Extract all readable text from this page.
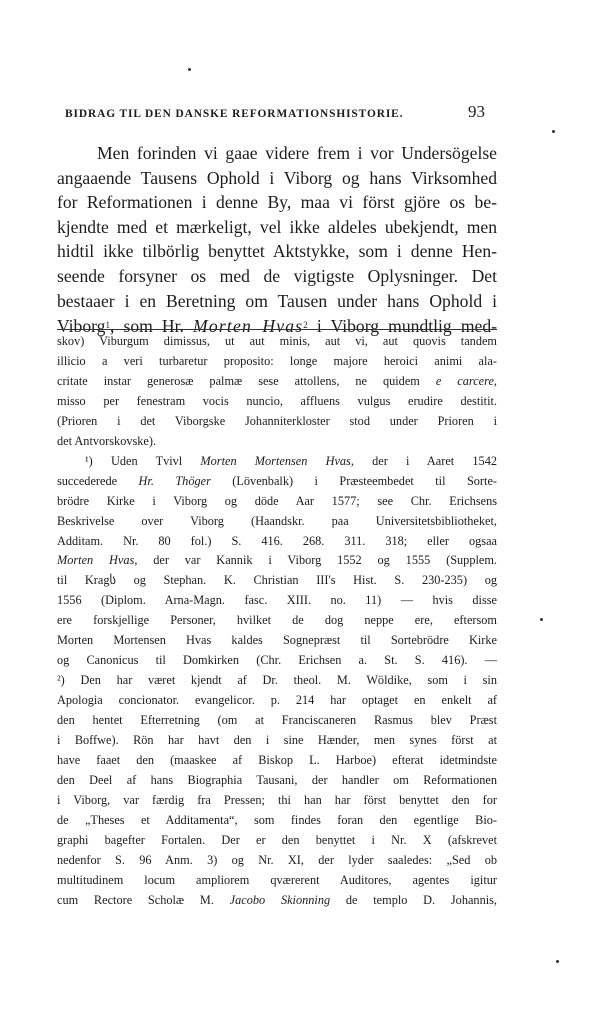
BIDRAG TIL DEN DANSKE REFORMATIONSHISTORIE.	93

Men forinden vi gaae videre frem i vor Undersögelse
angaaende Tausens Ophold i Viborg og hans Virksomhed
for Reformationen i denne By, maa vi först gjöre os be-
kjendte med et mærkeligt, vel ikke aldeles ubekjendt, men
hidtil ikke tilbörlig benyttet Aktstykke, som i denne Hen-
seende forsyner os med de vigtigste Oplysninger. Det
bestaaer i en Beretning om Tausen under hans Ophold i
Viborg$^1$, som Hr. Morten Hvas$^2$ i Viborg mundtlig med-

skov) Viburgum dimissus, ut aut minis, aut vi, aut quovis tandem
illicio a veri turbaretur proposito: longe majore heroici animi ala-
critate instar generosæ palmæ sese attollens, ne quidem e carcere,
misso per fenestram vocis nuncio, affluens vulgus erudire destitit.
(Prioren i det Viborgske Johanniterkloster stod under Prioren i
det Antvorskovske).
¹) Uden Tvivl Morten Mortensen Hvas, der i Aaret 1542
succederede Hr. Thöger (Lövenbalk) i Præsteembedet til Sorte-
brödre Kirke i Viborg og döde Aar 1577; see Chr. Erichsens
Beskrivelse over Viborg (Haandskr. paa Universitetsbibliotheket,
Additam. Nr. 80 fol.) S. 416. 268. 311. 318; eller ogsaa
Morten Hvas, der var Kannik i Viborg 1552 og 1555 (Supplem.
til Kragს og Stephan. K. Christian III's Hist. S. 230-235) og
1556 (Diplom. Arna-Magn. fasc. XIII. no. 11) — hvis disse
ere forskjellige Personer, hvilket de dog neppe ere, eftersom
Morten Mortensen Hvas kaldes Sognepræst til Sortebrödre Kirke
og Canonicus til Domkirken (Chr. Erichsen a. St. S. 416). —
²) Den har været kjendt af Dr. theol. M. Wöldike, som i sin
Apologia concionator. evangelicor. p. 214 har optaget en enkelt af
den hentet Efterretning (om at Franciscaneren Rasmus blev Præst
i Boffwe). Rön har havt den i sine Hænder, men synes först at
have faaet den (maaskee af Biskop L. Harboe) efterat idetmindste
den Deel af hans Biographia Tausani, der handler om Reformationen
i Viborg, var færdig fra Pressen; thi han har först benyttet den for
de „Theses et Additamenta“, som findes foran den egentlige Bio-
graphi bagefter Fortalen. Der er den benyttet i Nr. X (afskrevet
nedenfor S. 96 Anm. 3) og Nr. XI, der lyder saaledes: „Sed ob
multitudinem locum ampliorem qværerent Auditores, agentes igitur
cum Rectore Scholæ M. Jacobo Skionning de templo D. Johannis,
